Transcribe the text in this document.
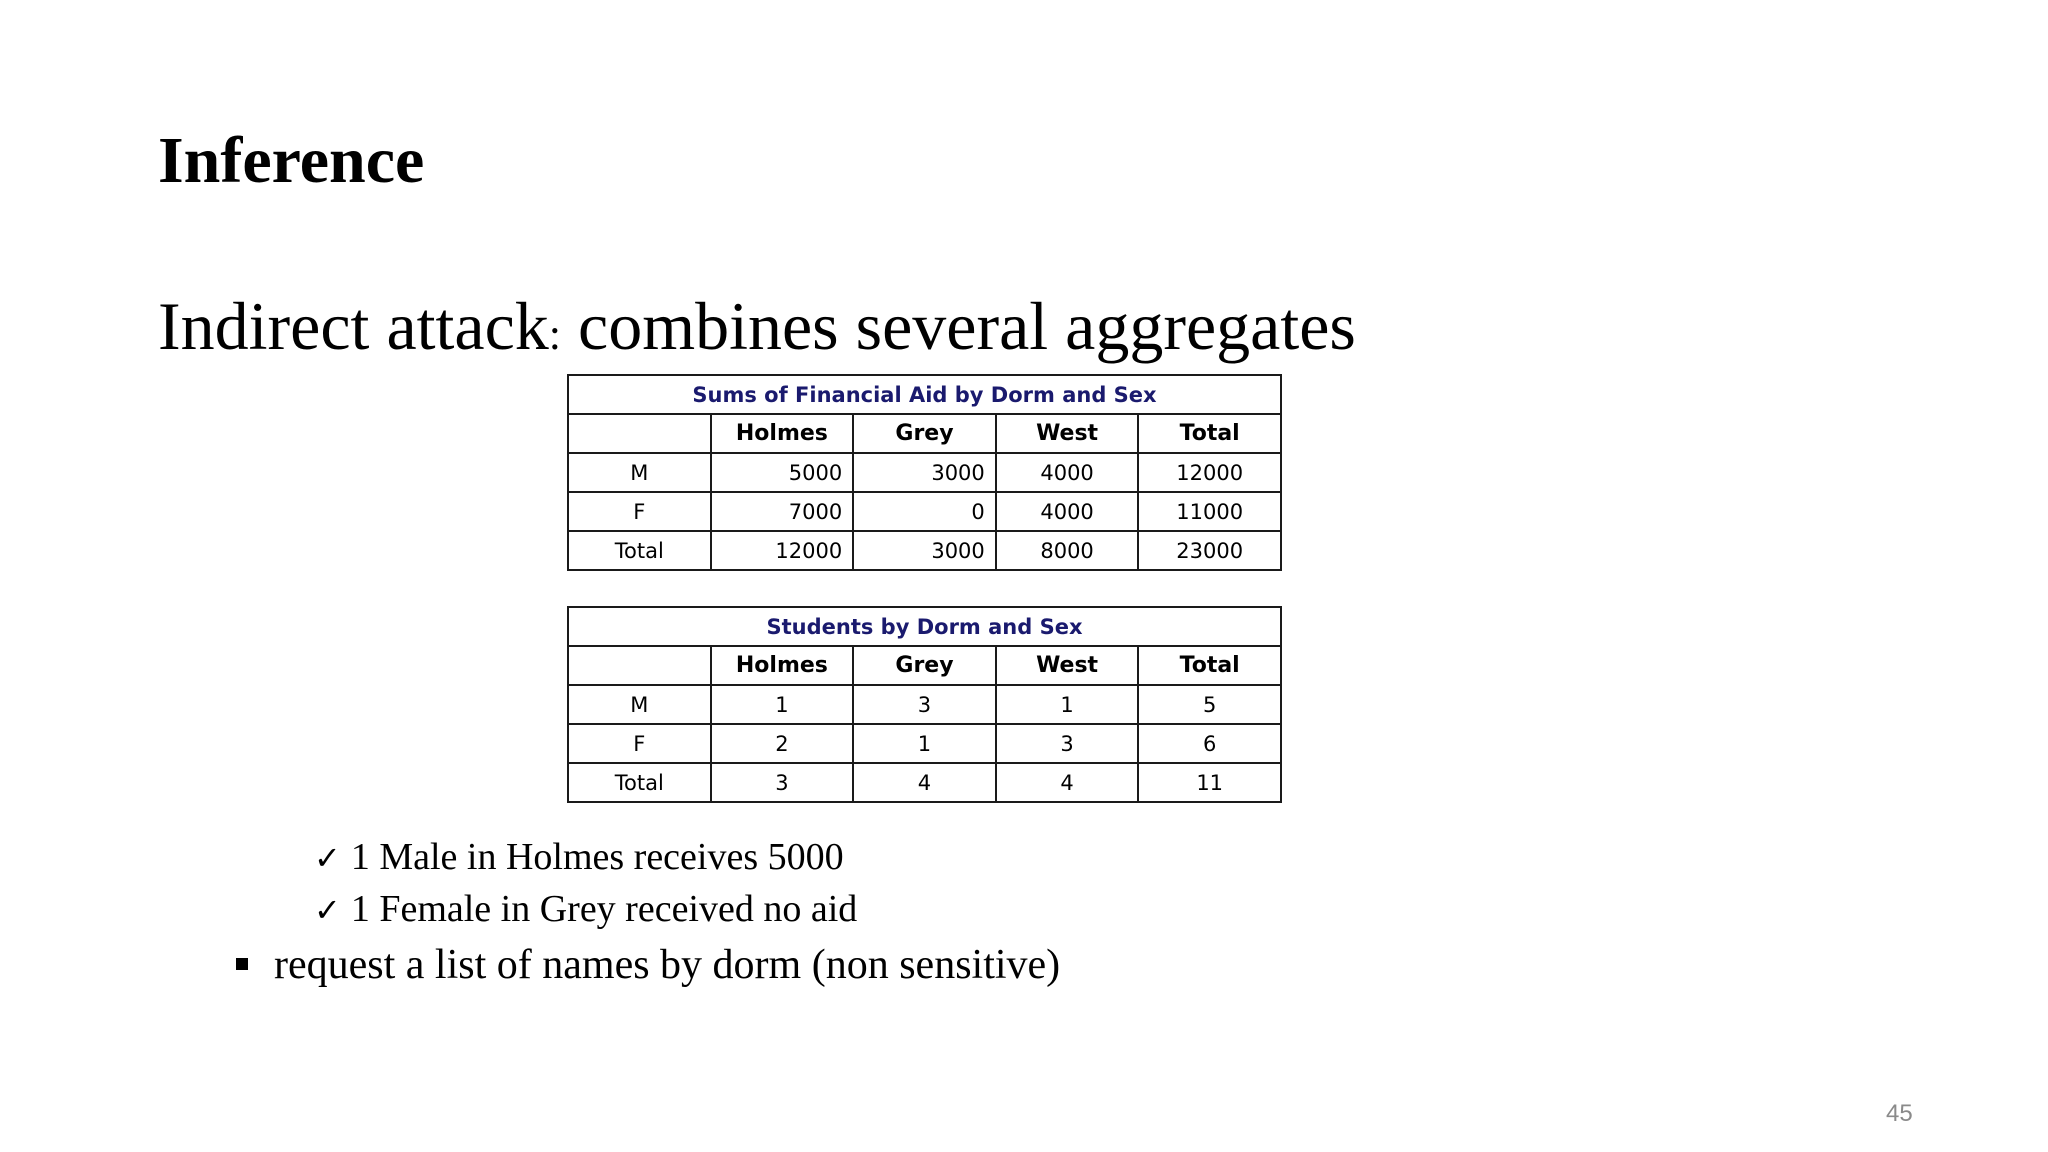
Inference
Indirect attack: combines several aggregates
Sums of Financial Aid by Dorm and Sex				
	Holmes	Grey	West	Total
M	5000	3000	4000	12000
F	7000	0	4000	11000
Total	12000	3000	8000	23000
Students by Dorm and Sex				
	Holmes	Grey	West	Total
M	1	3	1	5
F	2	1	3	6
Total	3	4	4	11
✓ 1 Male in Holmes receives 5000
✓ 1 Female in Grey received no aid
request a list of names by dorm (non sensitive)
45
